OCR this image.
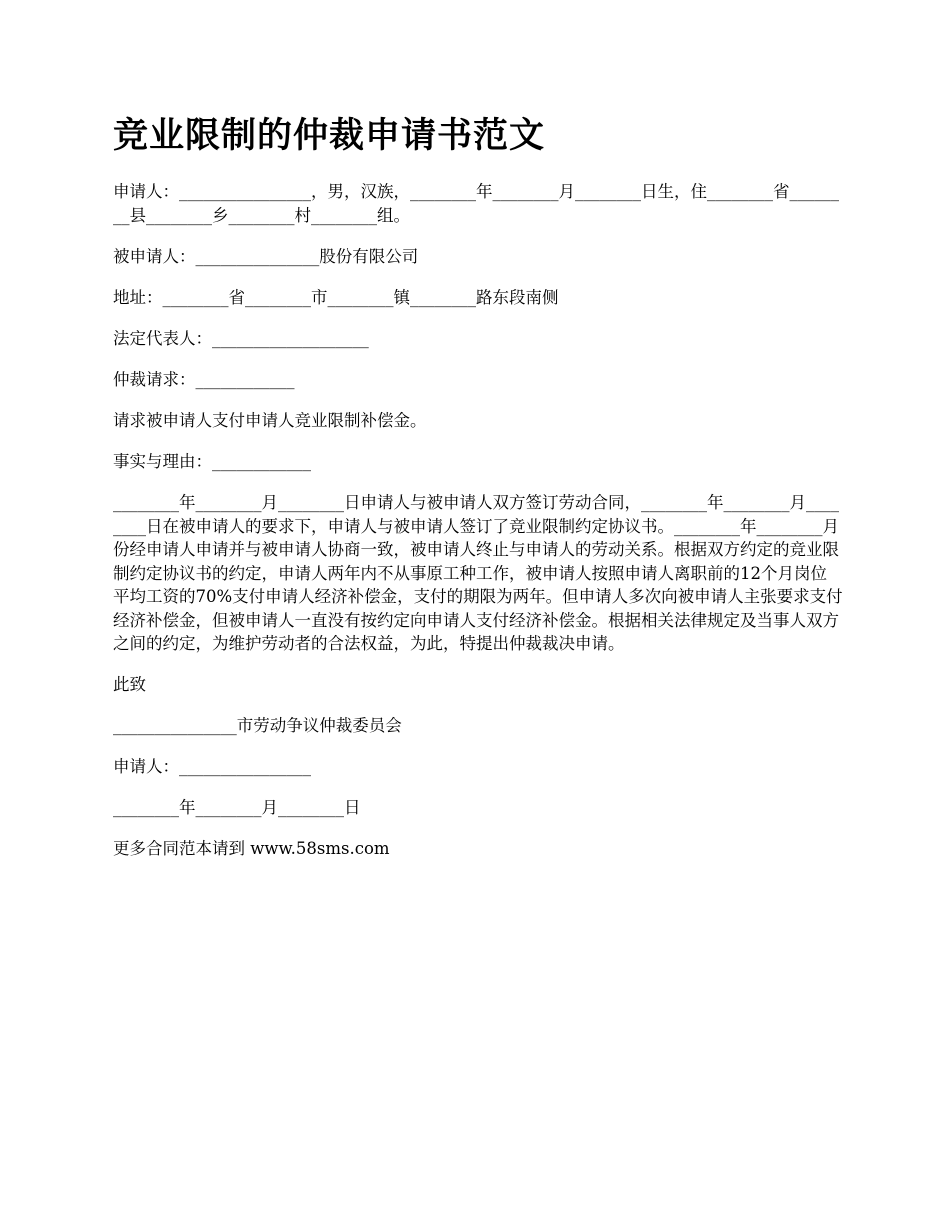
竞业限制的仲裁申请书范文

申请人：________________，男，汉族，________年________月________日生，住________省________县________乡________村________组。

被申请人：_______________股份有限公司

地址：________省________市________镇________路东段南侧

法定代表人：___________________

仲裁请求：____________

请求被申请人支付申请人竞业限制补偿金。

事实与理由：____________

________年________月________日申请人与被申请人双方签订劳动合同，________年________月________日在被申请人的要求下，申请人与被申请人签订了竞业限制约定协议书。________年________月份经申请人申请并与被申请人协商一致，被申请人终止与申请人的劳动关系。根据双方约定的竞业限制约定协议书的约定，申请人两年内不从事原工种工作，被申请人按照申请人离职前的12个月岗位平均工资的70%支付申请人经济补偿金，支付的期限为两年。但申请人多次向被申请人主张要求支付经济补偿金，但被申请人一直没有按约定向申请人支付经济补偿金。根据相关法律规定及当事人双方之间的约定，为维护劳动者的合法权益，为此，特提出仲裁裁决申请。

此致

_______________市劳动争议仲裁委员会

申请人：________________

________年________月________日

更多合同范本请到 www.58sms.com
